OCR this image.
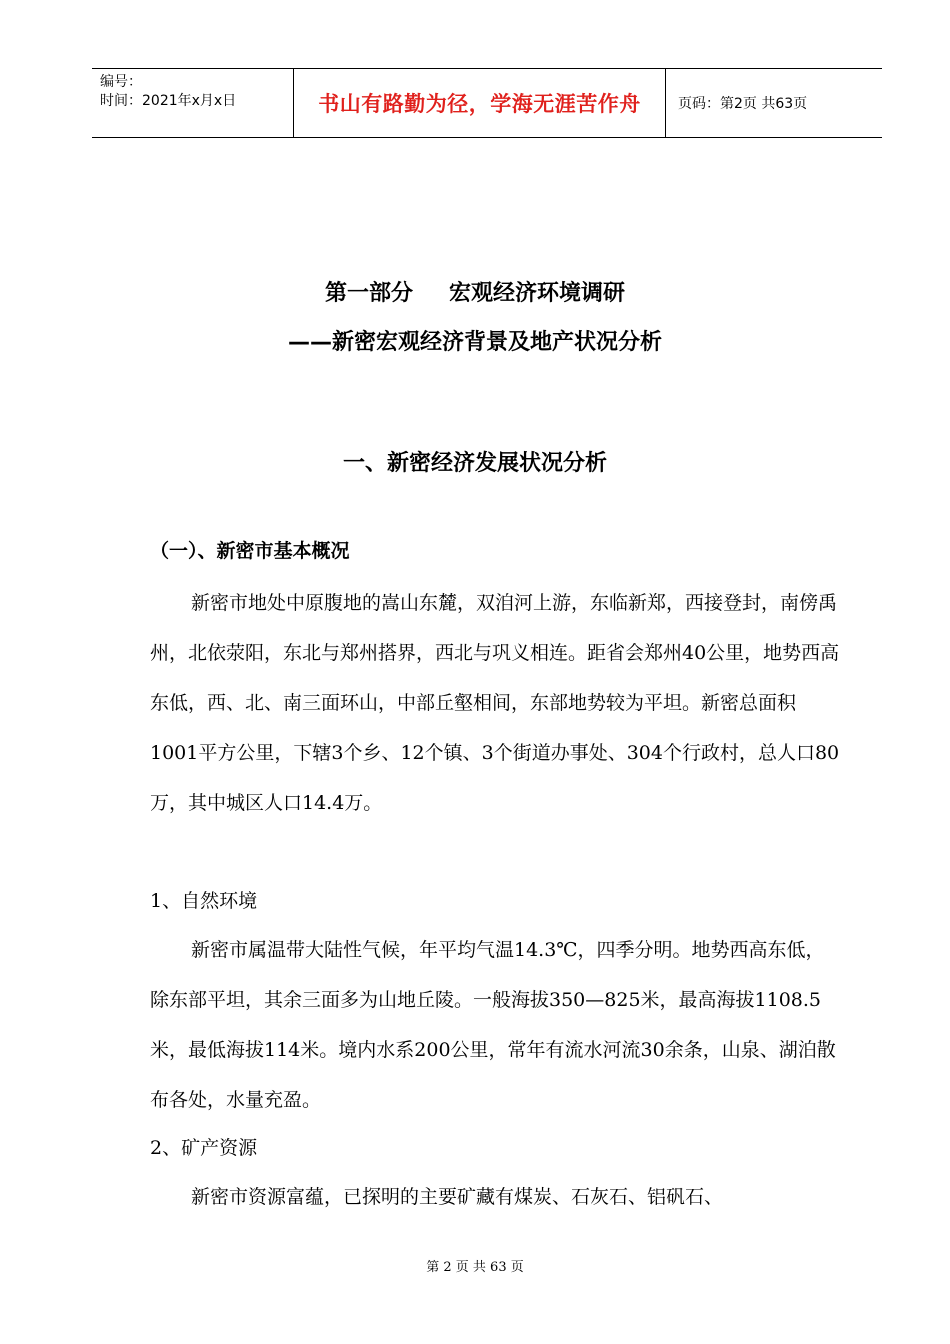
编号：
时间：2021年x月x日	书山有路勤为径，学海无涯苦作舟	页码：第2页 共63页
第一部分 宏观经济环境调研
——新密宏观经济背景及地产状况分析
一、新密经济发展状况分析
（一）、新密市基本概况

新密市地处中原腹地的嵩山东麓，双洎河上游，东临新郑，西接登封，南傍禹州，北依荥阳，东北与郑州搭界，西北与巩义相连。距省会郑州40公里，地势西高东低，西、北、南三面环山，中部丘壑相间，东部地势较为平坦。新密总面积1001平方公里，下辖3个乡、12个镇、3个街道办事处、304个行政村，总人口80万，其中城区人口14.4万。

1、自然环境

新密市属温带大陆性气候，年平均气温14.3℃，四季分明。地势西高东低，除东部平坦，其余三面多为山地丘陵。一般海拔350—825米，最高海拔1108.5米，最低海拔114米。境内水系200公里，常年有流水河流30余条，山泉、湖泊散布各处，水量充盈。

2、矿产资源

新密市资源富蕴，已探明的主要矿藏有煤炭、石灰石、铝矾石、

第 2 页 共 63 页
